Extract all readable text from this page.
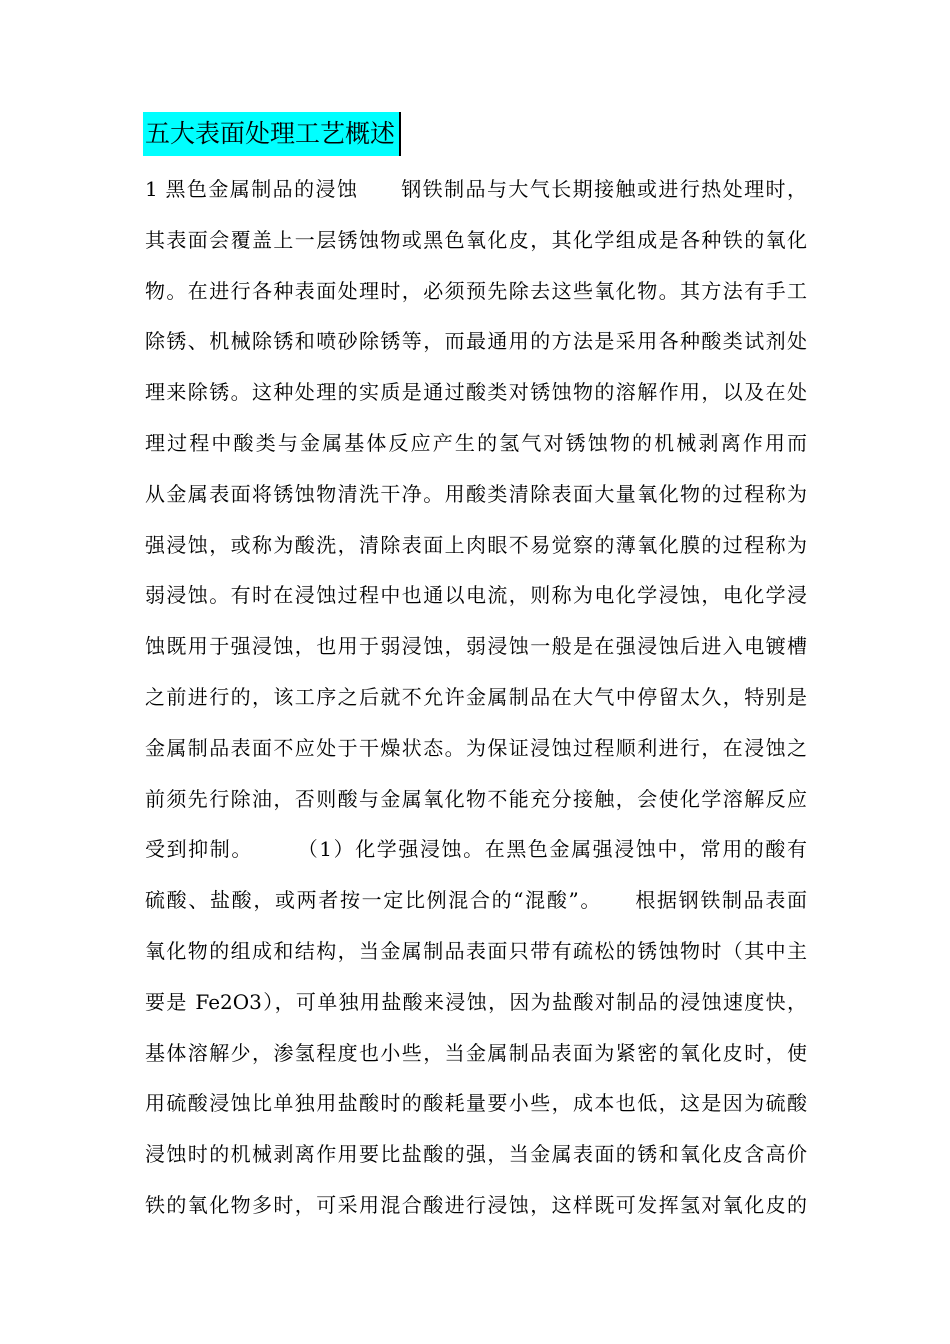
五大表面处理工艺概述
1 黑色金属制品的浸蚀　　钢铁制品与大气长期接触或进行热处理时，
其表面会覆盖上一层锈蚀物或黑色氧化皮，其化学组成是各种铁的氧化
物。在进行各种表面处理时，必须预先除去这些氧化物。其方法有手工
除锈、机械除锈和喷砂除锈等，而最通用的方法是采用各种酸类试剂处
理来除锈。这种处理的实质是通过酸类对锈蚀物的溶解作用，以及在处
理过程中酸类与金属基体反应产生的氢气对锈蚀物的机械剥离作用而
从金属表面将锈蚀物清洗干净。用酸类清除表面大量氧化物的过程称为
强浸蚀，或称为酸洗，清除表面上肉眼不易觉察的薄氧化膜的过程称为
弱浸蚀。有时在浸蚀过程中也通以电流，则称为电化学浸蚀，电化学浸
蚀既用于强浸蚀，也用于弱浸蚀，弱浸蚀一般是在强浸蚀后进入电镀槽
之前进行的，该工序之后就不允许金属制品在大气中停留太久，特别是
金属制品表面不应处于干燥状态。为保证浸蚀过程顺利进行，在浸蚀之
前须先行除油，否则酸与金属氧化物不能充分接触，会使化学溶解反应
受到抑制。　　　（1）化学强浸蚀。在黑色金属强浸蚀中，常用的酸有
硫酸、盐酸，或两者按一定比例混合的“混酸”。　　根据钢铁制品表面
氧化物的组成和结构，当金属制品表面只带有疏松的锈蚀物时（其中主
要是 Fe2O3），可单独用盐酸来浸蚀，因为盐酸对制品的浸蚀速度快，
基体溶解少，渗氢程度也小些，当金属制品表面为紧密的氧化皮时，使
用硫酸浸蚀比单独用盐酸时的酸耗量要小些，成本也低，这是因为硫酸
浸蚀时的机械剥离作用要比盐酸的强，当金属表面的锈和氧化皮含高价
铁的氧化物多时，可采用混合酸进行浸蚀，这样既可发挥氢对氧化皮的
